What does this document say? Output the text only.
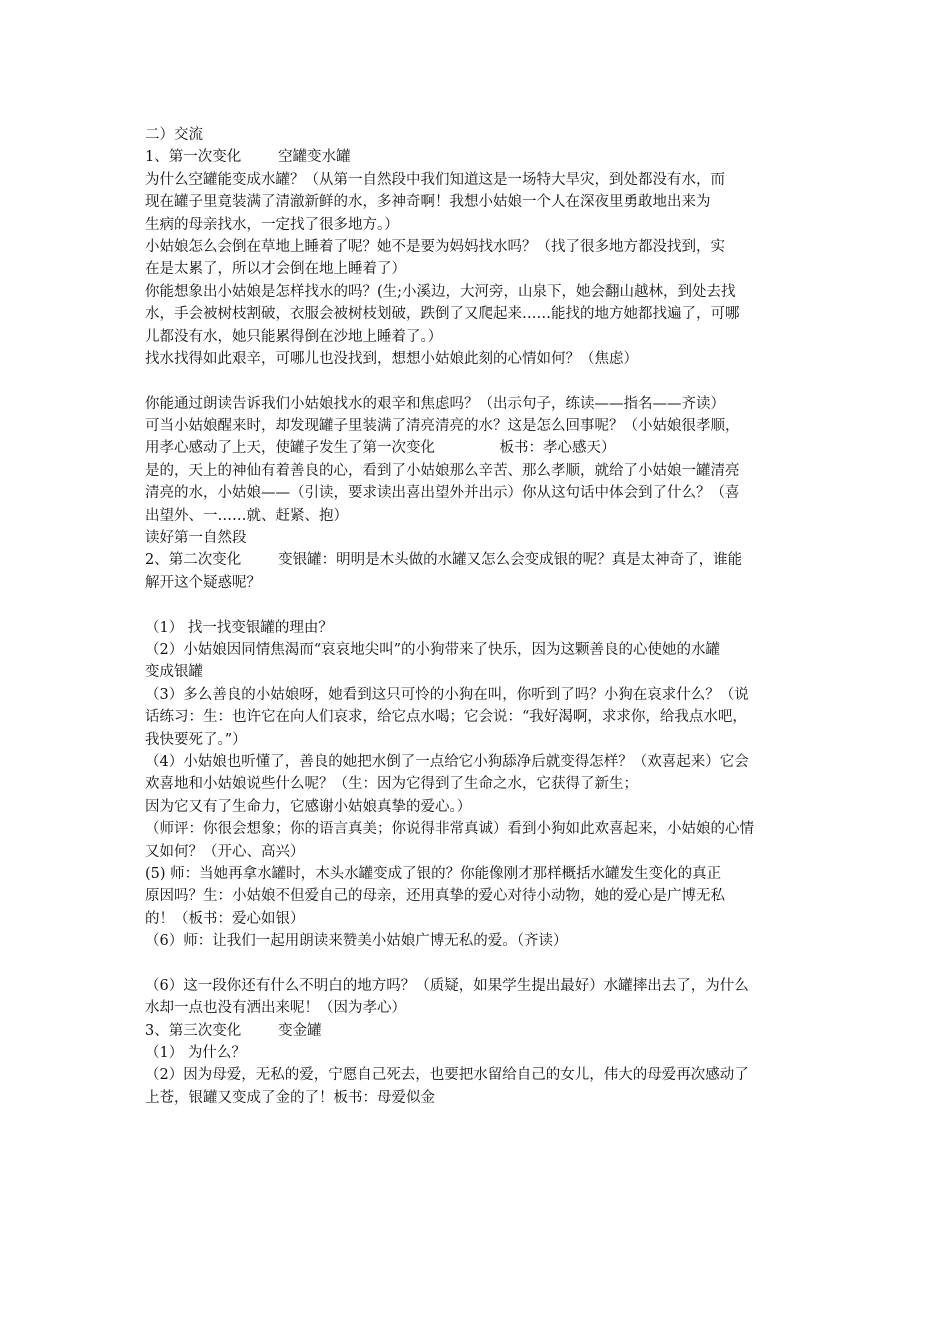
二）交流
1、第一次变化        空罐变水罐
为什么空罐能变成水罐？（从第一自然段中我们知道这是一场特大旱灾，到处都没有水，而
现在罐子里竟装满了清澈新鲜的水，多神奇啊！我想小姑娘一个人在深夜里勇敢地出来为
生病的母亲找水，一定找了很多地方。）
小姑娘怎么会倒在草地上睡着了呢？她不是要为妈妈找水吗？（找了很多地方都没找到，实
在是太累了，所以才会倒在地上睡着了）
你能想象出小姑娘是怎样找水的吗？(生;小溪边，大河旁，山泉下，她会翻山越林，到处去找
水，手会被树枝割破，衣服会被树枝划破，跌倒了又爬起来……能找的地方她都找遍了，可哪
儿都没有水，她只能累得倒在沙地上睡着了。）
找水找得如此艰辛，可哪儿也没找到，想想小姑娘此刻的心情如何？（焦虑）
你能通过朗读告诉我们小姑娘找水的艰辛和焦虑吗？（出示句子，练读——指名——齐读）
可当小姑娘醒来时，却发现罐子里装满了清亮清亮的水？这是怎么回事呢？（小姑娘很孝顺，
用孝心感动了上天，使罐子发生了第一次变化              板书：孝心感天）
是的，天上的神仙有着善良的心，看到了小姑娘那么辛苦、那么孝顺，就给了小姑娘一罐清亮
清亮的水，小姑娘——（引读，要求读出喜出望外并出示）你从这句话中体会到了什么？（喜
出望外、一……就、赶紧、抱）
读好第一自然段
2、第二次变化        变银罐：明明是木头做的水罐又怎么会变成银的呢？真是太神奇了，谁能
解开这个疑惑呢？
（1） 找一找变银罐的理由？
（2）小姑娘因同情焦渴而“哀哀地尖叫”的小狗带来了快乐，因为这颗善良的心使她的水罐
变成银罐
（3）多么善良的小姑娘呀，她看到这只可怜的小狗在叫，你听到了吗？小狗在哀求什么？（说
话练习：生：也许它在向人们哀求，给它点水喝；它会说：“我好渴啊，求求你，给我点水吧，
我快要死了。”）
（4）小姑娘也听懂了，善良的她把水倒了一点给它小狗舔净后就变得怎样？（欢喜起来）它会
欢喜地和小姑娘说些什么呢？（生：因为它得到了生命之水，它获得了新生；
因为它又有了生命力，它感谢小姑娘真挚的爱心。）
（师评：你很会想象；你的语言真美；你说得非常真诚）看到小狗如此欢喜起来，小姑娘的心情
又如何？（开心、高兴）
(5) 师：当她再拿水罐时，木头水罐变成了银的？你能像刚才那样概括水罐发生变化的真正
原因吗？生：小姑娘不但爱自己的母亲，还用真挚的爱心对待小动物，她的爱心是广博无私
的！（板书：爱心如银）
（6）师：让我们一起用朗读来赞美小姑娘广博无私的爱。（齐读）
（6）这一段你还有什么不明白的地方吗？（质疑，如果学生提出最好）水罐摔出去了，为什么
水却一点也没有洒出来呢！（因为孝心）
3、第三次变化        变金罐
（1） 为什么？
（2）因为母爱，无私的爱，宁愿自己死去，也要把水留给自己的女儿，伟大的母爱再次感动了
上苍，银罐又变成了金的了！板书：母爱似金
